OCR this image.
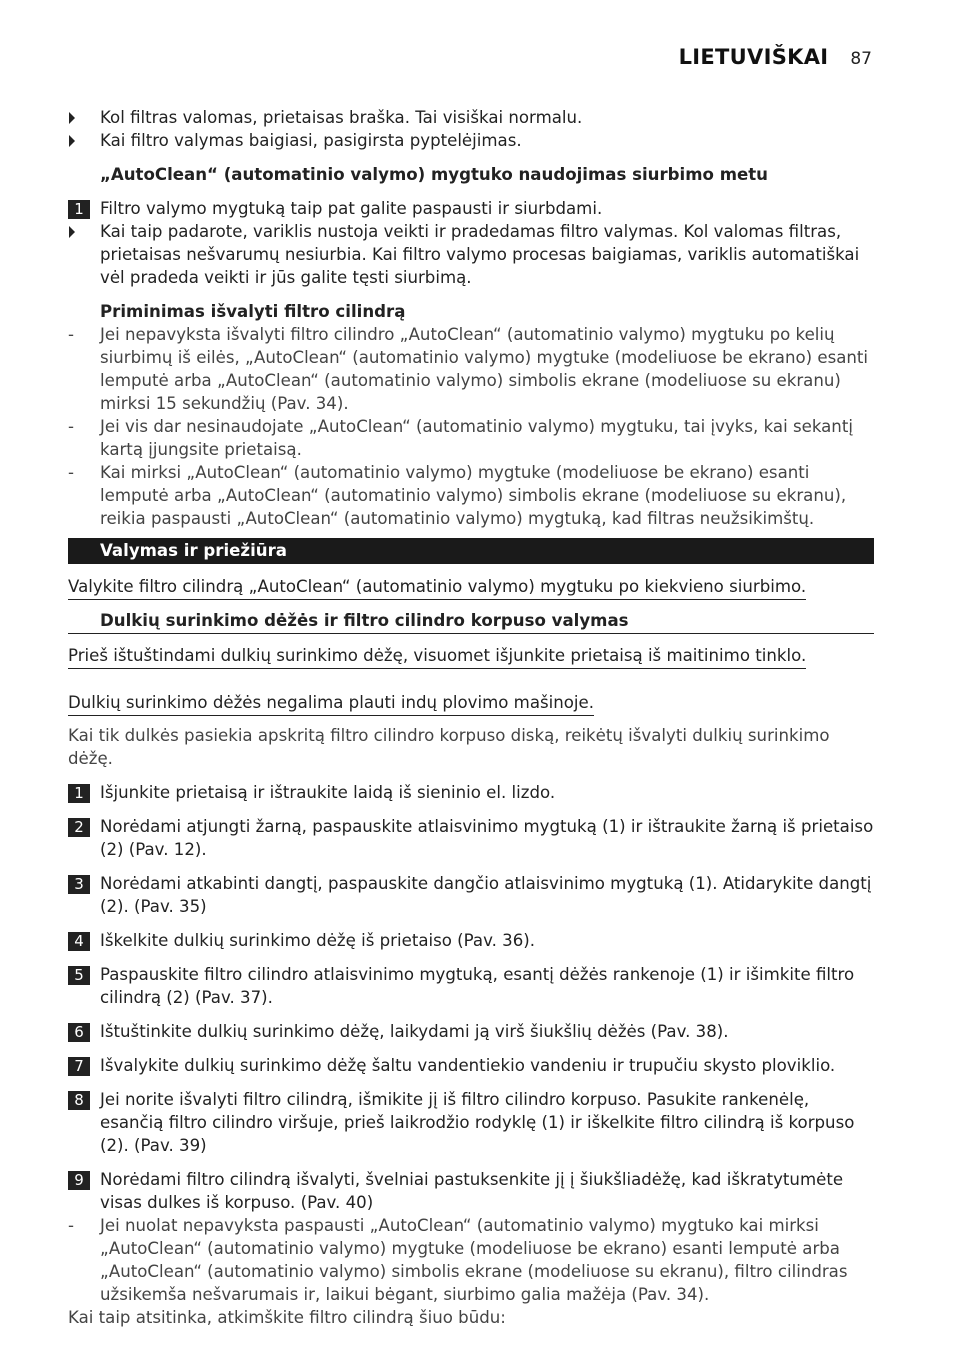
LIETUVIŠKAI 87
Kol filtras valomas, prietaisas braška. Tai visiškai normalu.
Kai filtro valymas baigiasi, pasigirsta pyptelėjimas.
„AutoClean“ (automatinio valymo) mygtuko naudojimas siurbimo metu
1 Filtro valymo mygtuką taip pat galite paspausti ir siurbdami.
Kai taip padarote, variklis nustoja veikti ir pradedamas filtro valymas. Kol valomas filtras, prietaisas nešvarumų nesiurbia. Kai filtro valymo procesas baigiamas, variklis automatiškai vėl pradeda veikti ir jūs galite tęsti siurbimą.
Priminimas išvalyti filtro cilindrą
-	Jei nepavyksta išvalyti filtro cilindro „AutoClean“ (automatinio valymo) mygtuku po kelių siurbimų iš eilės, „AutoClean“ (automatinio valymo) mygtuke (modeliuose be ekrano) esanti lemputė arba „AutoClean“ (automatinio valymo) simbolis ekrane (modeliuose su ekranu) mirksi 15 sekundžių (Pav. 34).
-	Jei vis dar nesinaudojate „AutoClean“ (automatinio valymo) mygtuku, tai įvyks, kai sekantį kartą įjungsite prietaisą.
-	Kai mirksi „AutoClean“ (automatinio valymo) mygtuke (modeliuose be ekrano) esanti lemputė arba „AutoClean“ (automatinio valymo) simbolis ekrane (modeliuose su ekranu), reikia paspausti „AutoClean“ (automatinio valymo) mygtuką, kad filtras neužsikimštų.
Valymas ir priežiūra
Valykite filtro cilindrą „AutoClean“ (automatinio valymo) mygtuku po kiekvieno siurbimo.
Dulkių surinkimo dėžės ir filtro cilindro korpuso valymas
Prieš ištuštindami dulkių surinkimo dėžę, visuomet išjunkite prietaisą iš maitinimo tinklo.
Dulkių surinkimo dėžės negalima plauti indų plovimo mašinoje.
Kai tik dulkės pasiekia apskritą filtro cilindro korpuso diską, reikėtų išvalyti dulkių surinkimo dėžę.
1 Išjunkite prietaisą ir ištraukite laidą iš sieninio el. lizdo.
2 Norėdami atjungti žarną, paspauskite atlaisvinimo mygtuką (1) ir ištraukite žarną iš prietaiso (2) (Pav. 12).
3 Norėdami atkabinti dangtį, paspauskite dangčio atlaisvinimo mygtuką (1). Atidarykite dangtį (2). (Pav. 35)
4 Iškelkite dulkių surinkimo dėžę iš prietaiso (Pav. 36).
5 Paspauskite filtro cilindro atlaisvinimo mygtuką, esantį dėžės rankenoje (1) ir išimkite filtro cilindrą (2) (Pav. 37).
6 Ištuštinkite dulkių surinkimo dėžę, laikydami ją virš šiukšlių dėžės (Pav. 38).
7 Išvalykite dulkių surinkimo dėžę šaltu vandentiekio vandeniu ir trupučiu skysto ploviklio.
8 Jei norite išvalyti filtro cilindrą, išmikite jį iš filtro cilindro korpuso. Pasukite rankenėlę, esančią filtro cilindro viršuje, prieš laikrodžio rodyklę (1) ir iškelkite filtro cilindrą iš korpuso (2). (Pav. 39)
9 Norėdami filtro cilindrą išvalyti, švelniai pastuksenkite jį į šiukšliadėžę, kad iškratytumėte visas dulkes iš korpuso. (Pav. 40)
-	Jei nuolat nepavyksta paspausti „AutoClean“ (automatinio valymo) mygtuko kai mirksi „AutoClean“ (automatinio valymo) mygtuke (modeliuose be ekrano) esanti lemputė arba „AutoClean“ (automatinio valymo) simbolis ekrane (modeliuose su ekranu), filtro cilindras užsikemša nešvarumais ir, laikui bėgant, siurbimo galia mažėja (Pav. 34).
Kai taip atsitinka, atkimškite filtro cilindrą šiuo būdu:
